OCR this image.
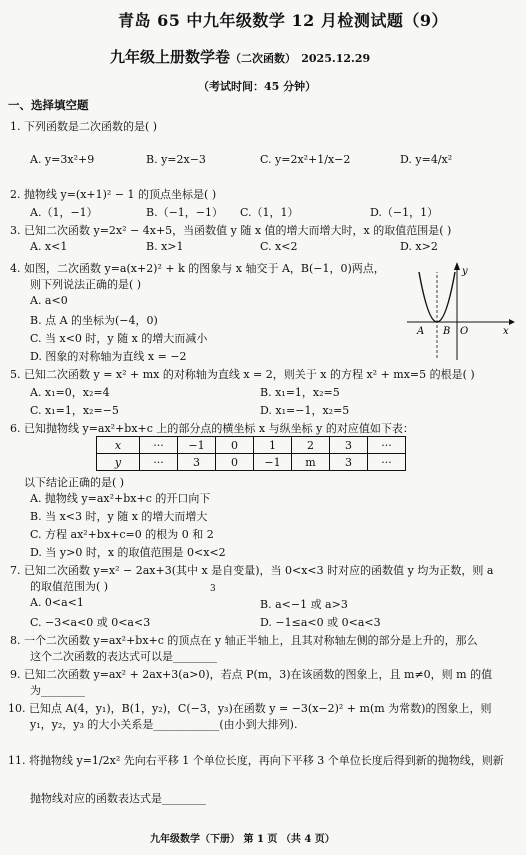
青岛 65 中九年级数学 12 月检测试题（9）
九年级上册数学卷（二次函数） 2025.12.29
（考试时间：45 分钟）
一、选择填空题
1. 下列函数是二次函数的是( )
A. y=3x²+9	B. y=2x−3	C. y=2x²+1/x−2	D. y=4/x²
2. 抛物线 y=(x+1)² − 1 的顶点坐标是( )
A.（1，−1）	B.（−1，−1） C.（1，1）	D.（−1，1）
3. 已知二次函数 y=2x² − 4x+5，当函数值 y 随 x 值的增大而增大时，x 的取值范围是( )
A. x<1	B. x>1	C. x<2	D. x>2
4. 如图，二次函数 y=a(x+2)² + k 的图象与 x 轴交于 A，B(−1，0)两点，
则下列说法正确的是( )
A. a<0
B. 点 A 的坐标为(−4，0)
C. 当 x<0 时，y 随 x 的增大而减小
D. 图象的对称轴为直线 x = −2
y
A B O	x
5. 已知二次函数 y = x² + mx 的对称轴为直线 x = 2，则关于 x 的方程 x² + mx=5 的根是( )
A. x₁=0，x₂=4	B. x₁=1，x₂=5
C. x₁=1，x₂=−5	D. x₁=−1，x₂=5
6. 已知抛物线 y=ax²+bx+c 上的部分点的横坐标 x 与纵坐标 y 的对应值如下表：
x	···	−1	0	1	2	3	···
y	···	3	0	−1	m	3	···
以下结论正确的是( )
A. 抛物线 y=ax²+bx+c 的开口向下
B. 当 x<3 时，y 随 x 的增大而增大
C. 方程 ax²+bx+c=0 的根为 0 和 2
D. 当 y>0 时，x 的取值范围是 0<x<2
7. 已知二次函数 y=x² − 2ax+3(其中 x 是自变量)，当 0<x<3 时对应的函数值 y 均为正数，则 a
的取值范围为( )	3
A. 0<a<1	B. a<−1 或 a>3
C. −3<a<0 或 0<a<3	D. −1≤a<0 或 0<a<3
8. 一个二次函数 y=ax²+bx+c 的顶点在 y 轴正半轴上，且其对称轴左侧的部分是上升的，那么
这个二次函数的表达式可以是________
9. 已知二次函数 y=ax² + 2ax+3(a>0)，若点 P(m，3)在该函数的图象上，且 m≠0，则 m 的值
为________
10. 已知点 A(4，y₁)，B(1，y₂)，C(−3，y₃)在函数 y = −3(x−2)² + m(m 为常数)的图象上，则
y₁，y₂，y₃ 的大小关系是____________(由小到大排列).
11. 将抛物线 y=1/2x² 先向右平移 1 个单位长度，再向下平移 3 个单位长度后得到新的抛物线，则新
抛物线对应的函数表达式是________
九年级数学（下册） 第 1 页 （共 4 页）
